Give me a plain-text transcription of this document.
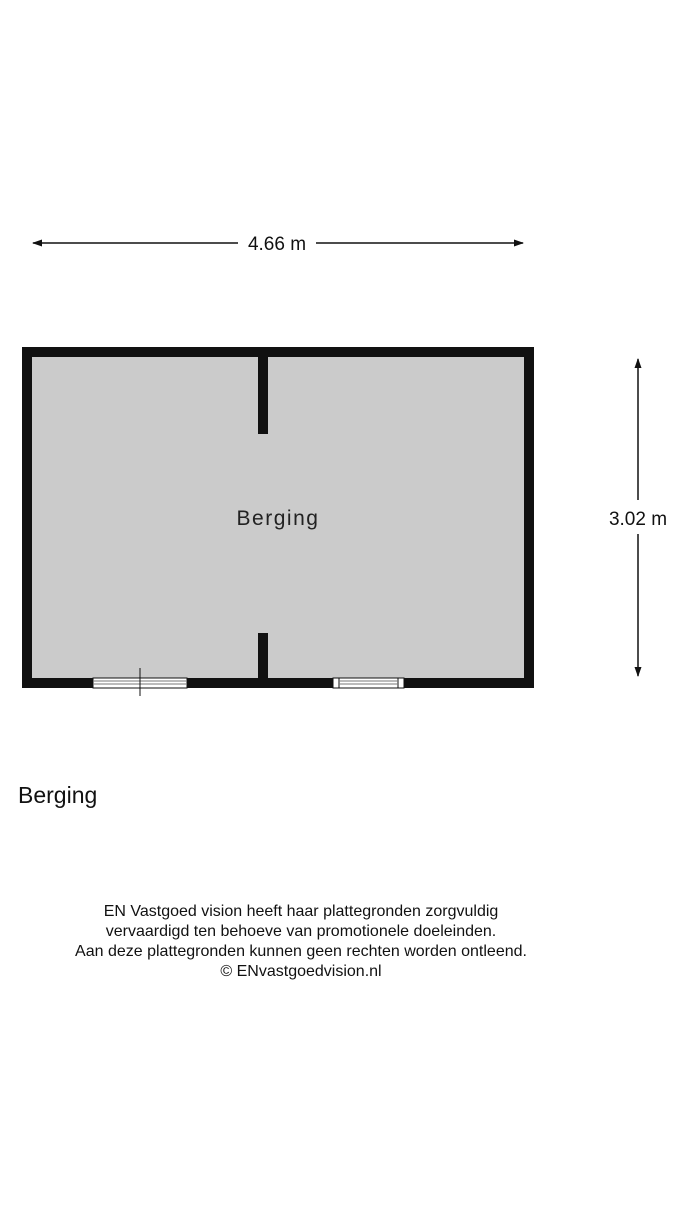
4.66 m
3.02 m
Berging
Berging
EN Vastgoed vision heeft haar plattegronden zorgvuldig
vervaardigd ten behoeve van promotionele doeleinden.
Aan deze plattegronden kunnen geen rechten worden ontleend.
© ENvastgoedvision.nl
